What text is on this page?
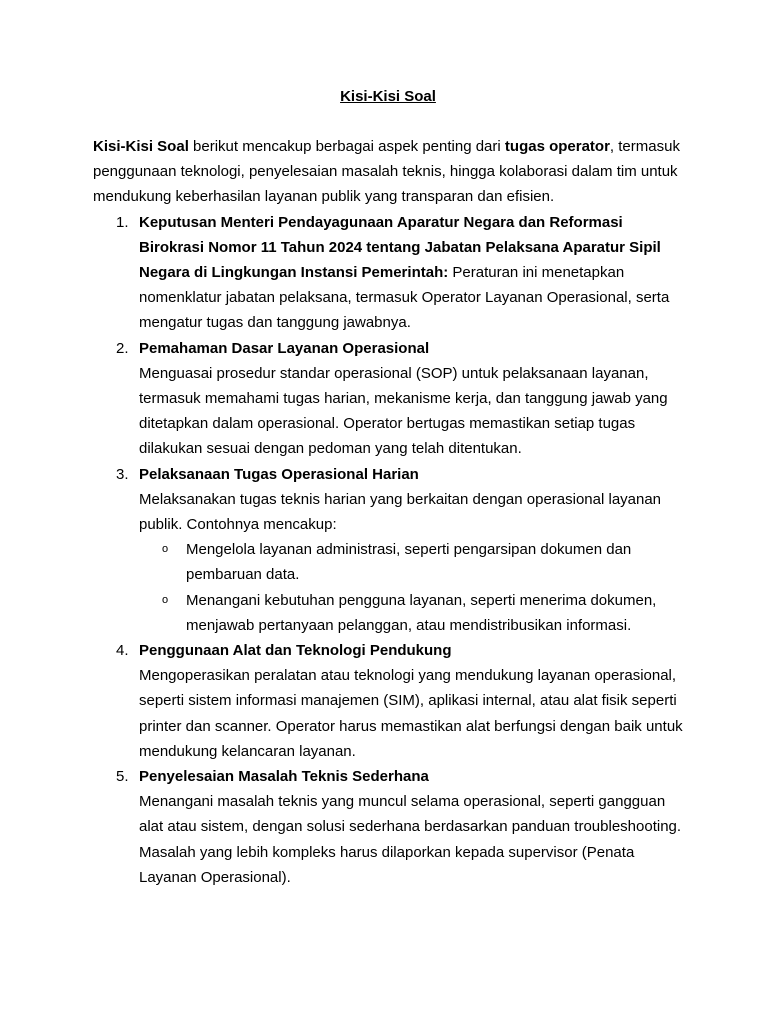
Kisi-Kisi Soal

Kisi-Kisi Soal berikut mencakup berbagai aspek penting dari tugas operator, termasuk penggunaan teknologi, penyelesaian masalah teknis, hingga kolaborasi dalam tim untuk mendukung keberhasilan layanan publik yang transparan dan efisien.

1. Keputusan Menteri Pendayagunaan Aparatur Negara dan Reformasi Birokrasi Nomor 11 Tahun 2024 tentang Jabatan Pelaksana Aparatur Sipil Negara di Lingkungan Instansi Pemerintah: Peraturan ini menetapkan nomenklatur jabatan pelaksana, termasuk Operator Layanan Operasional, serta mengatur tugas dan tanggung jawabnya.
2. Pemahaman Dasar Layanan Operasional
Menguasai prosedur standar operasional (SOP) untuk pelaksanaan layanan, termasuk memahami tugas harian, mekanisme kerja, dan tanggung jawab yang ditetapkan dalam operasional. Operator bertugas memastikan setiap tugas dilakukan sesuai dengan pedoman yang telah ditentukan.
3. Pelaksanaan Tugas Operasional Harian
Melaksanakan tugas teknis harian yang berkaitan dengan operasional layanan publik. Contohnya mencakup:
o Mengelola layanan administrasi, seperti pengarsipan dokumen dan pembaruan data.
o Menangani kebutuhan pengguna layanan, seperti menerima dokumen, menjawab pertanyaan pelanggan, atau mendistribusikan informasi.
4. Penggunaan Alat dan Teknologi Pendukung
Mengoperasikan peralatan atau teknologi yang mendukung layanan operasional, seperti sistem informasi manajemen (SIM), aplikasi internal, atau alat fisik seperti printer dan scanner. Operator harus memastikan alat berfungsi dengan baik untuk mendukung kelancaran layanan.
5. Penyelesaian Masalah Teknis Sederhana
Menangani masalah teknis yang muncul selama operasional, seperti gangguan alat atau sistem, dengan solusi sederhana berdasarkan panduan troubleshooting. Masalah yang lebih kompleks harus dilaporkan kepada supervisor (Penata Layanan Operasional).
